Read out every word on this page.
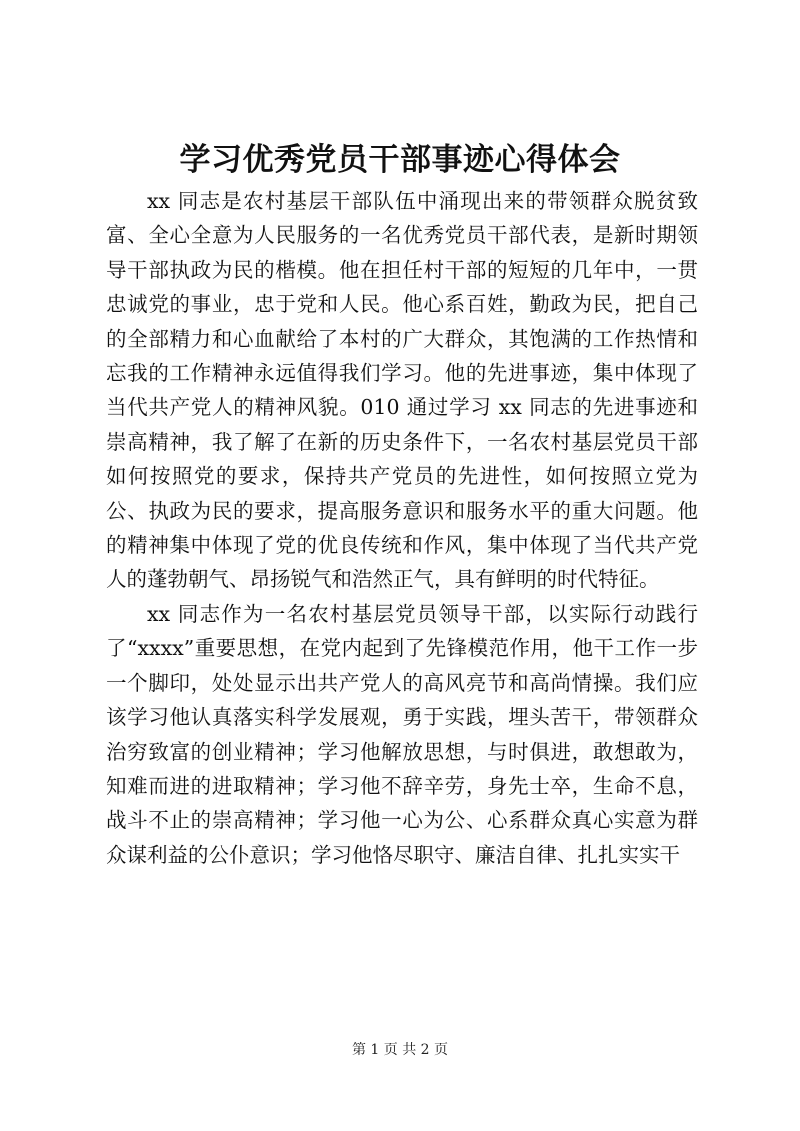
学习优秀党员干部事迹心得体会

xx 同志是农村基层干部队伍中涌现出来的带领群众脱贫致富、全心全意为人民服务的一名优秀党员干部代表，是新时期领导干部执政为民的楷模。他在担任村干部的短短的几年中，一贯忠诚党的事业，忠于党和人民。他心系百姓，勤政为民，把自己的全部精力和心血献给了本村的广大群众，其饱满的工作热情和忘我的工作精神永远值得我们学习。他的先进事迹，集中体现了当代共产党人的精神风貌。010 通过学习 xx 同志的先进事迹和崇高精神，我了解了在新的历史条件下，一名农村基层党员干部如何按照党的要求，保持共产党员的先进性，如何按照立党为公、执政为民的要求，提高服务意识和服务水平的重大问题。他的精神集中体现了党的优良传统和作风，集中体现了当代共产党人的蓬勃朝气、昂扬锐气和浩然正气，具有鲜明的时代特征。

xx 同志作为一名农村基层党员领导干部，以实际行动践行了“xxxx”重要思想，在党内起到了先锋模范作用，他干工作一步一个脚印，处处显示出共产党人的高风亮节和高尚情操。我们应该学习他认真落实科学发展观，勇于实践，埋头苦干，带领群众治穷致富的创业精神；学习他解放思想，与时俱进，敢想敢为，知难而进的进取精神；学习他不辞辛劳，身先士卒，生命不息，战斗不止的崇高精神；学习他一心为公、心系群众真心实意为群众谋利益的公仆意识；学习他恪尽职守、廉洁自律、扎扎实实干

第 1 页 共 2 页
